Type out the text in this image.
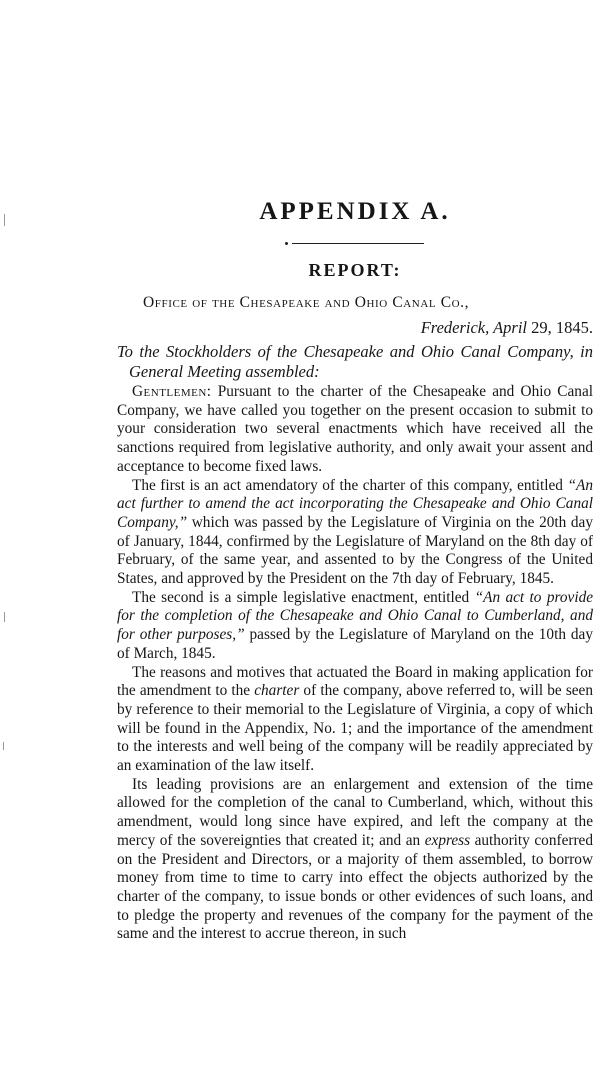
APPENDIX A.
REPORT:
Office of the Chesapeake and Ohio Canal Co.,
Frederick, April 29, 1845.

To the Stockholders of the Chesapeake and Ohio Canal Company, in General Meeting assembled:

Gentlemen: Pursuant to the charter of the Chesapeake and Ohio Canal Company, we have called you together on the present occasion to submit to your consideration two several enactments which have received all the sanctions required from legislative authority, and only await your assent and acceptance to become fixed laws.

The first is an act amendatory of the charter of this company, entitled “An act further to amend the act incorporating the Chesapeake and Ohio Canal Company,” which was passed by the Legislature of Virginia on the 20th day of January, 1844, confirmed by the Legislature of Maryland on the 8th day of February, of the same year, and assented to by the Congress of the United States, and approved by the President on the 7th day of February, 1845.

The second is a simple legislative enactment, entitled “An act to provide for the completion of the Chesapeake and Ohio Canal to Cumberland, and for other purposes,” passed by the Legislature of Maryland on the 10th day of March, 1845.

The reasons and motives that actuated the Board in making application for the amendment to the charter of the company, above referred to, will be seen by reference to their memorial to the Legislature of Virginia, a copy of which will be found in the Appendix, No. 1; and the importance of the amendment to the interests and well being of the company will be readily appreciated by an examination of the law itself.

Its leading provisions are an enlargement and extension of the time allowed for the completion of the canal to Cumberland, which, without this amendment, would long since have expired, and left the company at the mercy of the sovereignties that created it; and an express authority conferred on the President and Directors, or a majority of them assembled, to borrow money from time to time to carry into effect the objects authorized by the charter of the company, to issue bonds or other evidences of such loans, and to pledge the property and revenues of the company for the payment of the same and the interest to accrue thereon, in such
